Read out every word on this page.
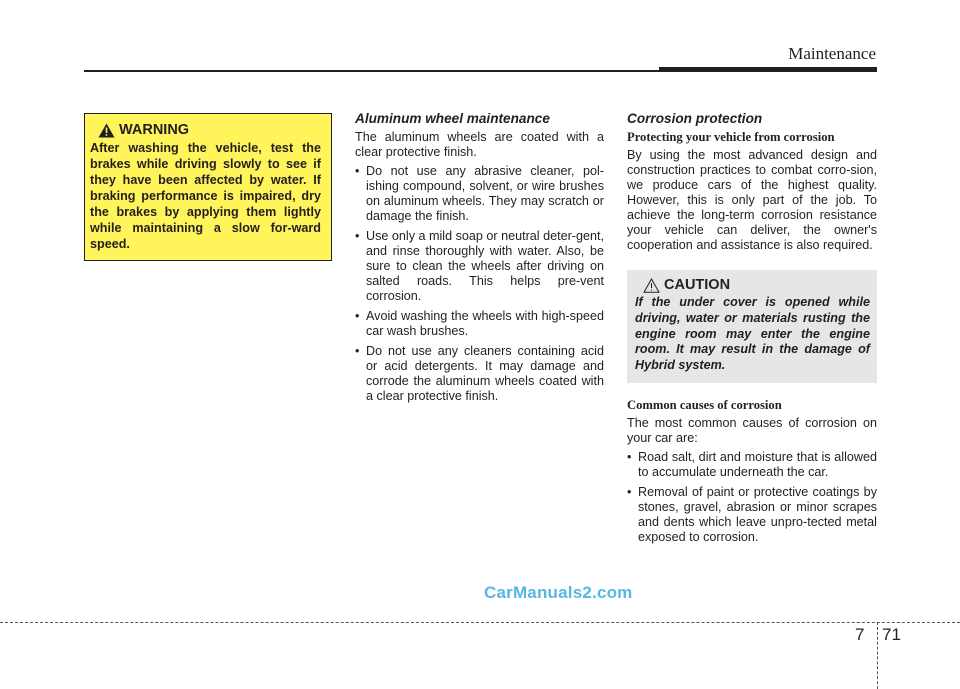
Maintenance
WARNING

After washing the vehicle, test the brakes while driving slowly to see if they have been affected by water. If braking performance is impaired, dry the brakes by applying them lightly while maintaining a slow for-ward speed.

Aluminum wheel maintenance

The aluminum wheels are coated with a clear protective finish.

• Do not use any abrasive cleaner, pol-ishing compound, solvent, or wire brushes on aluminum wheels. They may scratch or damage the finish.
• Use only a mild soap or neutral deter-gent, and rinse thoroughly with water. Also, be sure to clean the wheels after driving on salted roads. This helps pre-vent corrosion.
• Avoid washing the wheels with high-speed car wash brushes.
• Do not use any cleaners containing acid or acid detergents. It may damage and corrode the aluminum wheels coated with a clear protective finish.
Corrosion protection
Protecting your vehicle from corrosion

By using the most advanced design and construction practices to combat corro-sion, we produce cars of the highest quality. However, this is only part of the job. To achieve the long-term corrosion resistance your vehicle can deliver, the owner's cooperation and assistance is also required.

CAUTION

If the under cover is opened while driving, water or materials rusting the engine room may enter the engine room. It may result in the damage of Hybrid system.

Common causes of corrosion

The most common causes of corrosion on your car are:

• Road salt, dirt and moisture that is allowed to accumulate underneath the car.
• Removal of paint or protective coatings by stones, gravel, abrasion or minor scrapes and dents which leave unpro-tected metal exposed to corrosion.
CarManuals2.com
7 71
